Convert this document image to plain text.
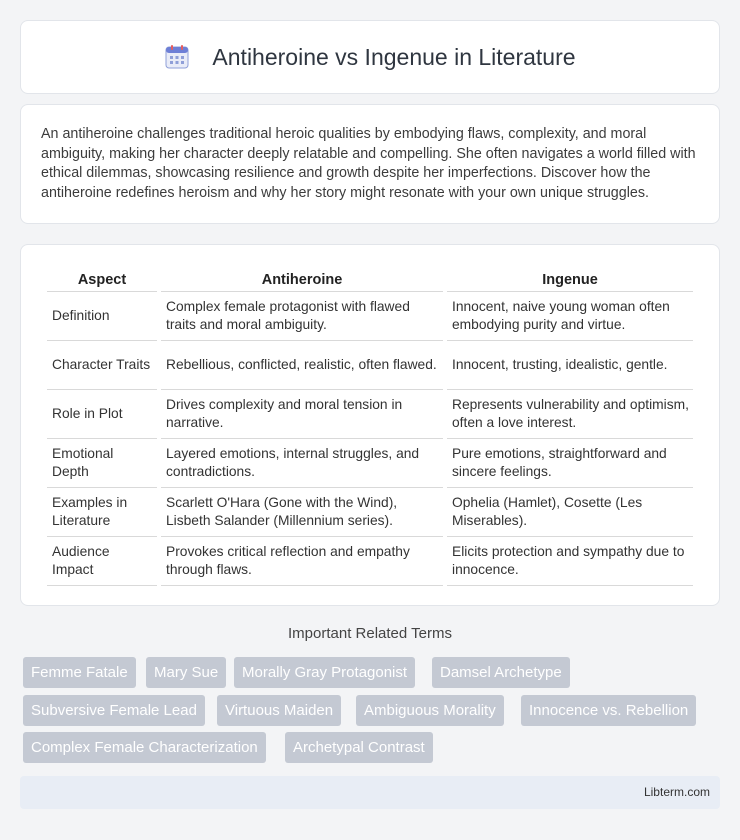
Antiheroine vs Ingenue in Literature

An antiheroine challenges traditional heroic qualities by embodying flaws, complexity, and moral ambiguity, making her character deeply relatable and compelling. She often navigates a world filled with ethical dilemmas, showcasing resilience and growth despite her imperfections. Discover how the antiheroine redefines heroism and why her story might resonate with your own unique struggles.

Aspect	Antiheroine	Ingenue
Definition	Complex female protagonist with flawed traits and moral ambiguity.	Innocent, naive young woman often embodying purity and virtue.
Character Traits	Rebellious, conflicted, realistic, often flawed.	Innocent, trusting, idealistic, gentle.
Role in Plot	Drives complexity and moral tension in narrative.	Represents vulnerability and optimism, often a love interest.
Emotional Depth	Layered emotions, internal struggles, and contradictions.	Pure emotions, straightforward and sincere feelings.
Examples in Literature	Scarlett O'Hara (Gone with the Wind), Lisbeth Salander (Millennium series).	Ophelia (Hamlet), Cosette (Les Miserables).
Audience Impact	Provokes critical reflection and empathy through flaws.	Elicits protection and sympathy due to innocence.
Important Related Terms
Femme Fatale	Mary Sue	Morally Gray Protagonist	Damsel Archetype
Subversive Female Lead	Virtuous Maiden	Ambiguous Morality	Innocence vs. Rebellion
Complex Female Characterization	Archetypal Contrast
Libterm.com
